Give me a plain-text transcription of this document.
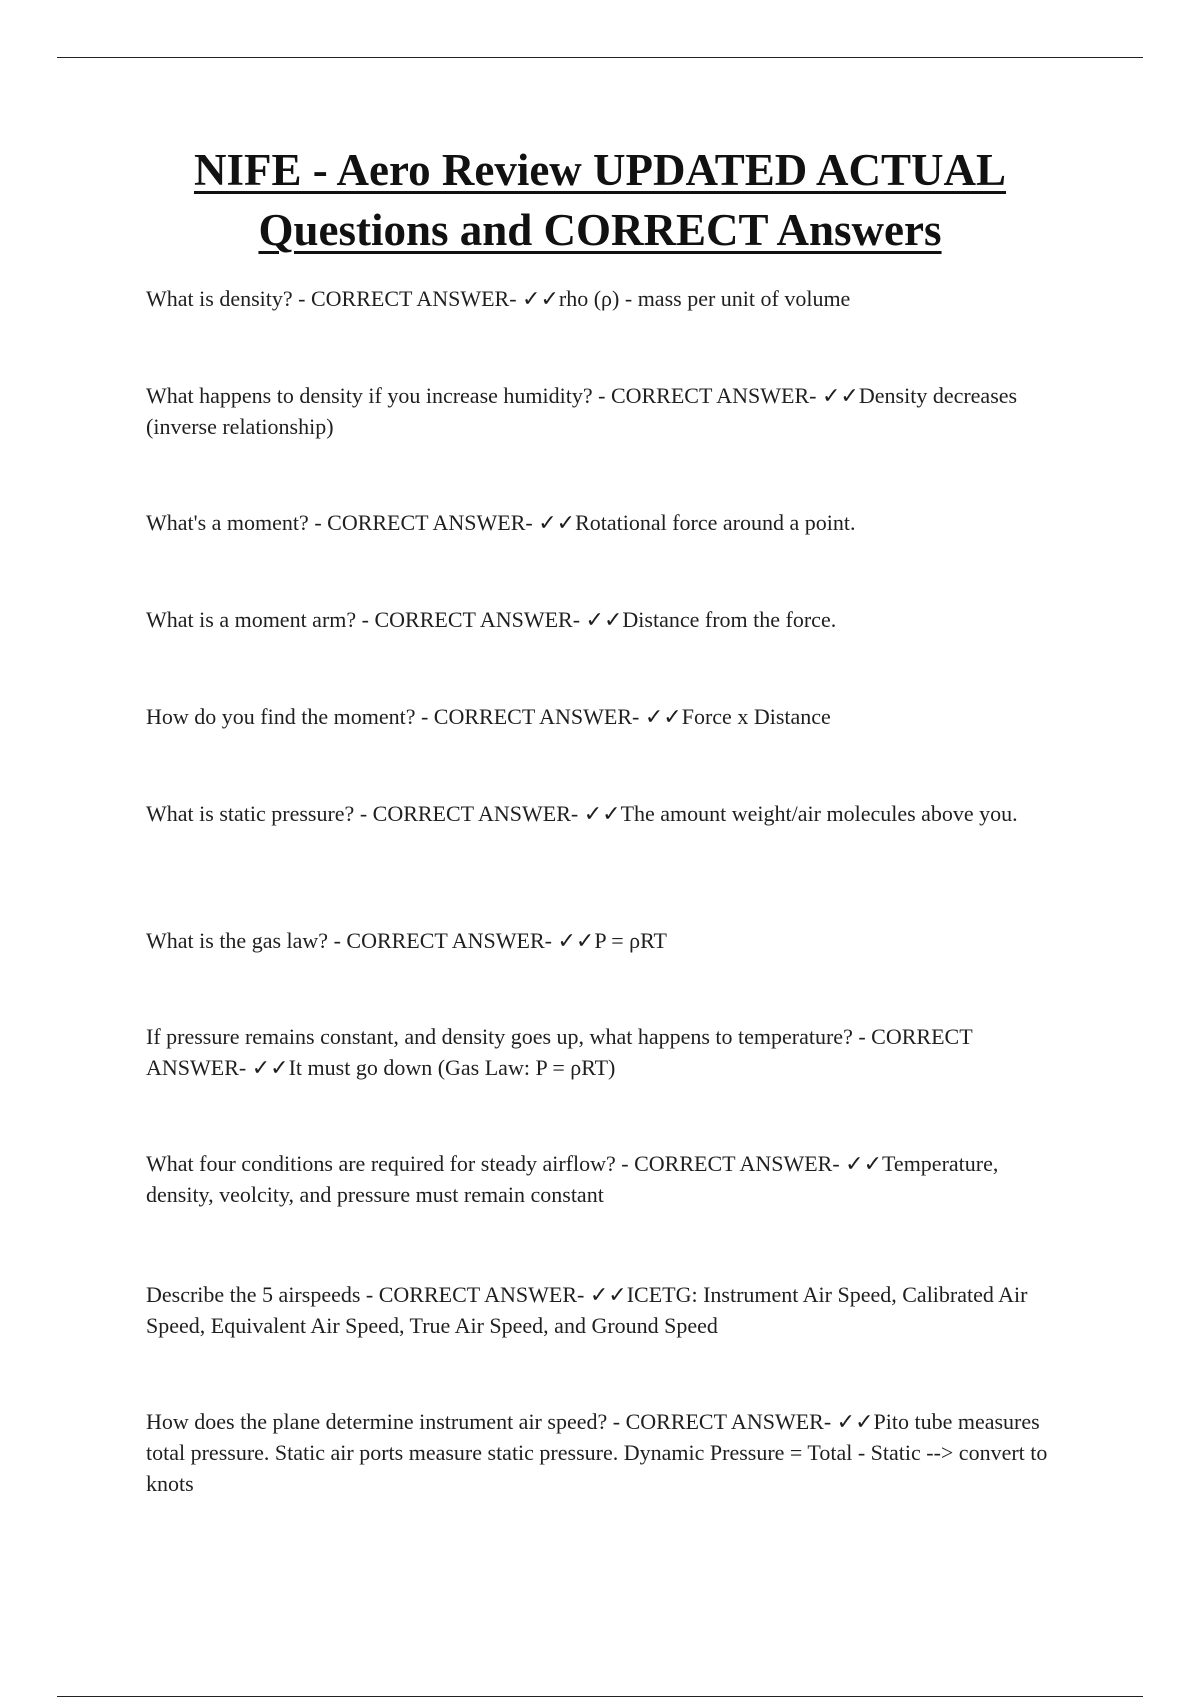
NIFE - Aero Review UPDATED ACTUAL
Questions and CORRECT Answers

What is density? - CORRECT ANSWER- ✓✓rho (ρ) - mass per unit of volume

What happens to density if you increase humidity? - CORRECT ANSWER- ✓✓Density decreases (inverse relationship)

What's a moment? - CORRECT ANSWER- ✓✓Rotational force around a point.

What is a moment arm? - CORRECT ANSWER- ✓✓Distance from the force.

How do you find the moment? - CORRECT ANSWER- ✓✓Force x Distance

What is static pressure? - CORRECT ANSWER- ✓✓The amount weight/air molecules above you.

What is the gas law? - CORRECT ANSWER- ✓✓P = ρRT

If pressure remains constant, and density goes up, what happens to temperature? - CORRECT ANSWER- ✓✓It must go down (Gas Law: P = ρRT)

What four conditions are required for steady airflow? - CORRECT ANSWER- ✓✓Temperature, density, veolcity, and pressure must remain constant

Describe the 5 airspeeds - CORRECT ANSWER- ✓✓ICETG: Instrument Air Speed, Calibrated Air Speed, Equivalent Air Speed, True Air Speed, and Ground Speed

How does the plane determine instrument air speed? - CORRECT ANSWER- ✓✓Pito tube measures total pressure. Static air ports measure static pressure. Dynamic Pressure = Total - Static --> convert to knots
